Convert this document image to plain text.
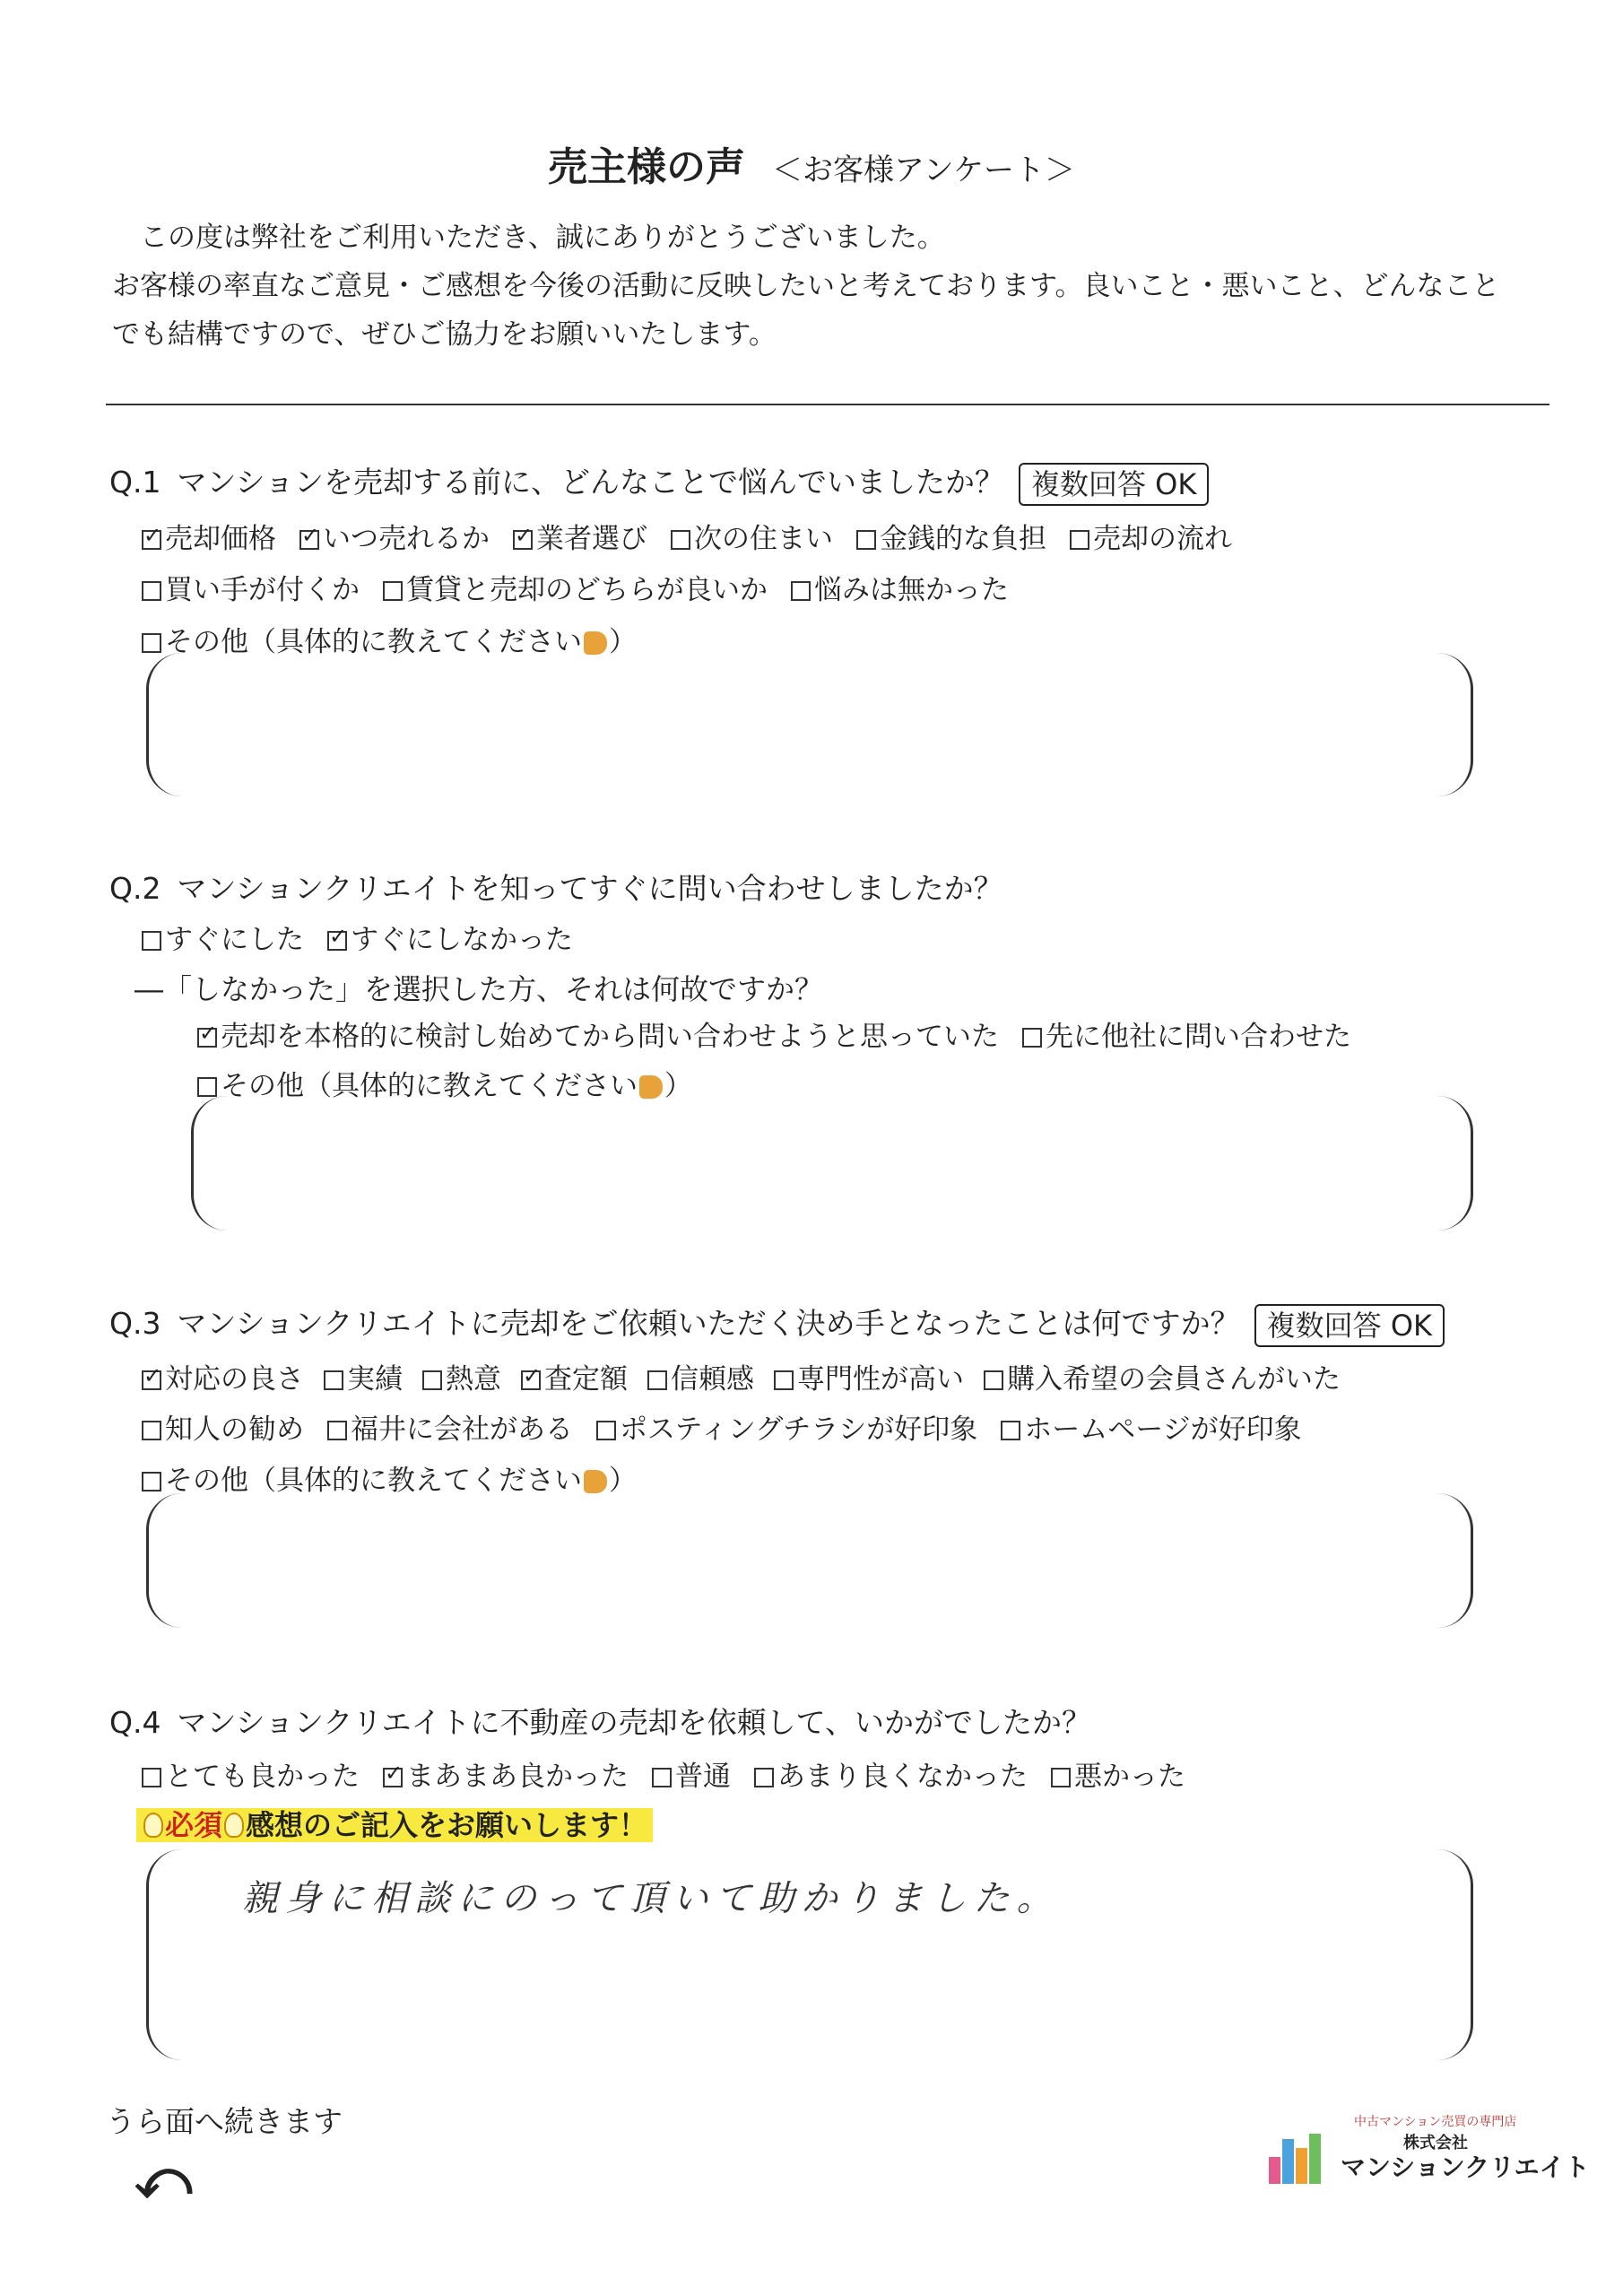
売主様の声 ＜お客様アンケート＞
　この度は弊社をご利用いただき、誠にありがとうございました。
お客様の率直なご意見・ご感想を今後の活動に反映したいと考えております。良いこと・悪いこと、どんなこと
でも結構ですので、ぜひご協力をお願いいたします。
Q.1 マンションを売却する前に、どんなことで悩んでいましたか？ 複数回答 OK
✓売却価格 ✓ いつ売れるか ✓ 業者選び 次の住まい 金銭的な負担 売却の流れ
買い手が付くか 賃貸と売却のどちらが良いか 悩みは無かった
その他（具体的に教えてください ）
Q.2 マンションクリエイトを知ってすぐに問い合わせしましたか？
すぐにした ✓ すぐにしなかった
―「しなかった」を選択した方、それは何故ですか？
✓売却を本格的に検討し始めてから問い合わせようと思っていた 先に他社に問い合わせた
その他（具体的に教えてください ）
Q.3 マンションクリエイトに売却をご依頼いただく決め手となったことは何ですか？ 複数回答 OK
✓対応の良さ 実績 熱意 ✓ 査定額 信頼感 専門性が高い 購入希望の会員さんがいた
知人の勧め 福井に会社がある ポスティングチラシが好印象 ホームページが好印象
その他（具体的に教えてください ）
Q.4 マンションクリエイトに不動産の売却を依頼して、いかがでしたか？
とても良かった ✓ まあまあ良かった 普通 あまり良くなかった 悪かった
必須 感想のご記入をお願いします！
親身に相談にのって頂いて助かりました。
うら面へ続きます
⤺
中古マンション売買の専門店
株式会社
マンションクリエイト
